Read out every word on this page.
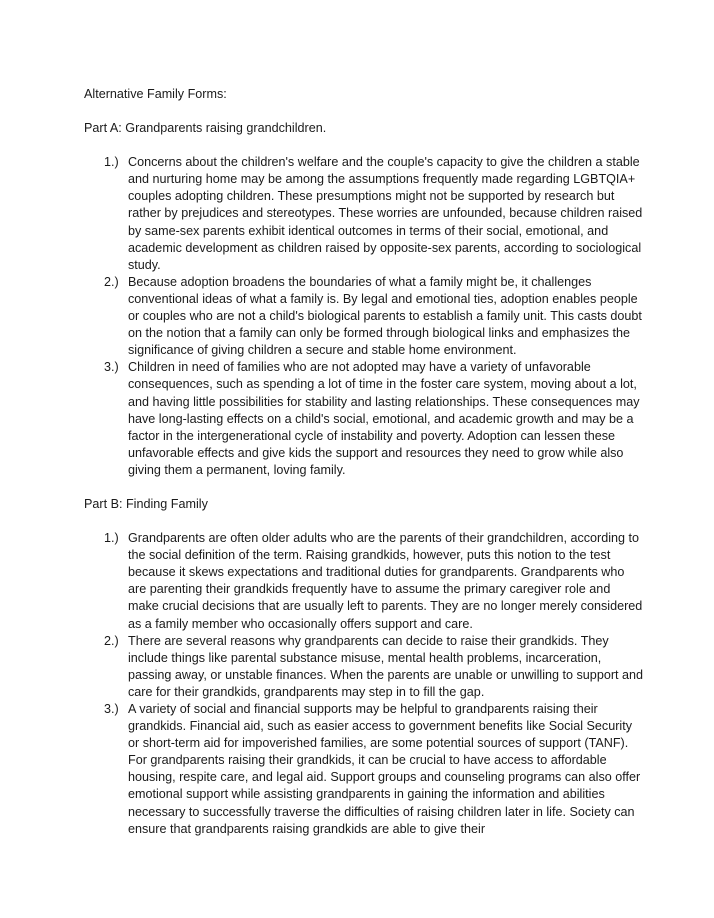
Alternative Family Forms:

Part A: Grandparents raising grandchildren.

1.) Concerns about the children's welfare and the couple's capacity to give the children a stable and nurturing home may be among the assumptions frequently made regarding LGBTQIA+ couples adopting children. These presumptions might not be supported by research but rather by prejudices and stereotypes. These worries are unfounded, because children raised by same-sex parents exhibit identical outcomes in terms of their social, emotional, and academic development as children raised by opposite-sex parents, according to sociological study.
2.) Because adoption broadens the boundaries of what a family might be, it challenges conventional ideas of what a family is. By legal and emotional ties, adoption enables people or couples who are not a child's biological parents to establish a family unit. This casts doubt on the notion that a family can only be formed through biological links and emphasizes the significance of giving children a secure and stable home environment.
3.) Children in need of families who are not adopted may have a variety of unfavorable consequences, such as spending a lot of time in the foster care system, moving about a lot, and having little possibilities for stability and lasting relationships. These consequences may have long-lasting effects on a child's social, emotional, and academic growth and may be a factor in the intergenerational cycle of instability and poverty. Adoption can lessen these unfavorable effects and give kids the support and resources they need to grow while also giving them a permanent, loving family.

Part B: Finding Family

1.) Grandparents are often older adults who are the parents of their grandchildren, according to the social definition of the term. Raising grandkids, however, puts this notion to the test because it skews expectations and traditional duties for grandparents. Grandparents who are parenting their grandkids frequently have to assume the primary caregiver role and make crucial decisions that are usually left to parents. They are no longer merely considered as a family member who occasionally offers support and care.
2.) There are several reasons why grandparents can decide to raise their grandkids. They include things like parental substance misuse, mental health problems, incarceration, passing away, or unstable finances. When the parents are unable or unwilling to support and care for their grandkids, grandparents may step in to fill the gap.
3.) A variety of social and financial supports may be helpful to grandparents raising their grandkids. Financial aid, such as easier access to government benefits like Social Security or short-term aid for impoverished families, are some potential sources of support (TANF). For grandparents raising their grandkids, it can be crucial to have access to affordable housing, respite care, and legal aid. Support groups and counseling programs can also offer emotional support while assisting grandparents in gaining the information and abilities necessary to successfully traverse the difficulties of raising children later in life. Society can ensure that grandparents raising grandkids are able to give their
